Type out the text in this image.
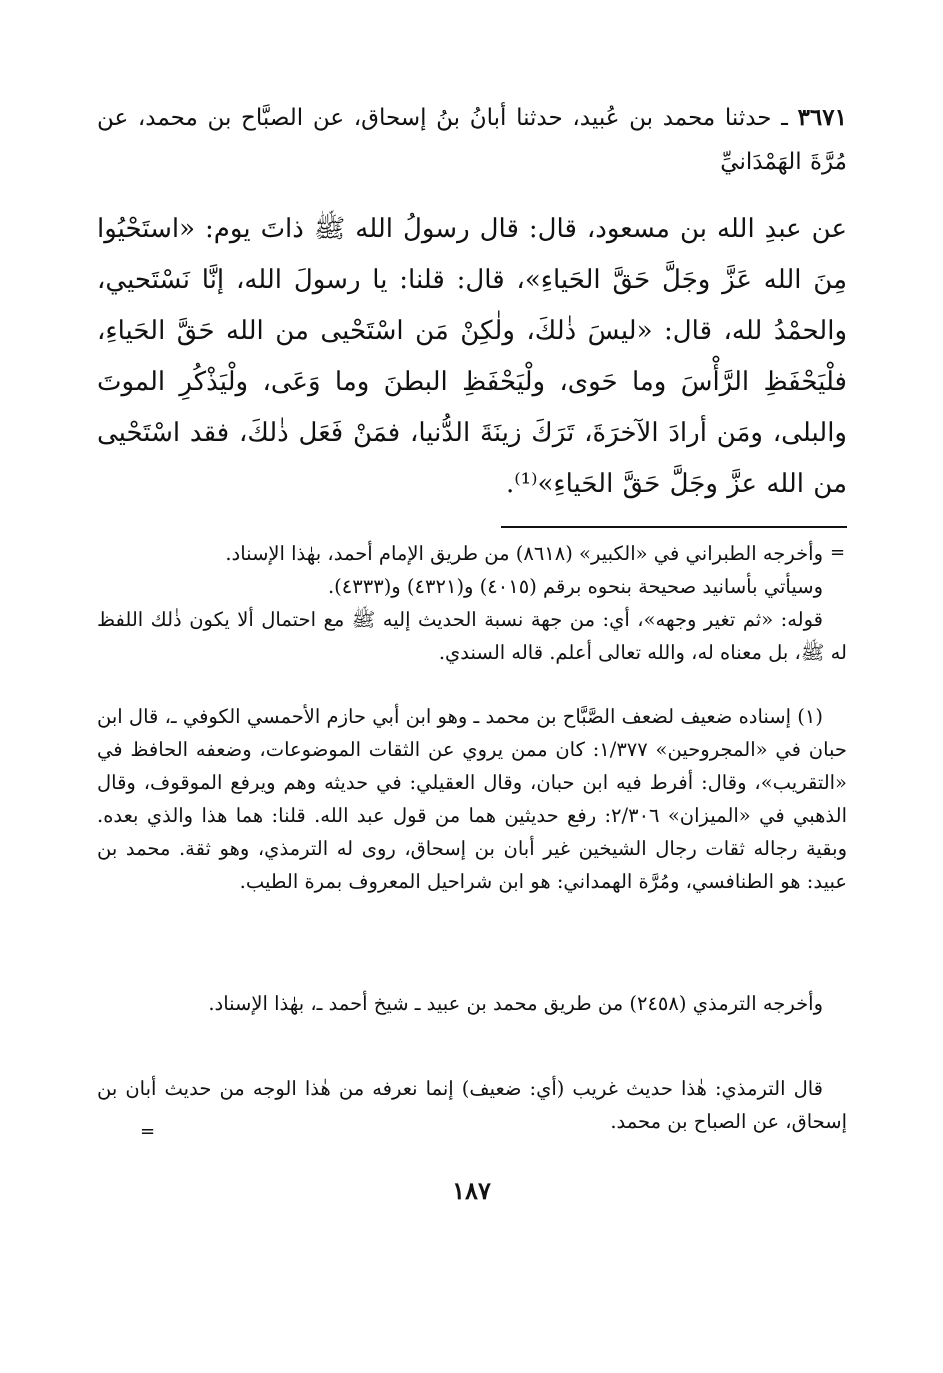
٣٦٧١ ـ حدثنا محمد بن عُبيد، حدثنا أبانُ بنُ إسحاق، عن الصبَّاح بن محمد، عن مُرَّةَ الهَمْدَانيِّ
عن عبدِ الله بن مسعود، قال: قال رسولُ الله ﷺ ذاتَ يوم: «استَحْيُوا مِنَ الله عَزَّ وجَلَّ حَقَّ الحَياءِ»، قال: قلنا: يا رسولَ الله، إنَّا نَسْتَحيي، والحمْدُ لله، قال: «ليسَ ذٰلكَ، ولٰكِنْ مَن اسْتَحْيى من الله حَقَّ الحَياءِ، فلْيَحْفَظِ الرَّأْسَ وما حَوى، ولْيَحْفَظِ البطنَ وما وَعَى، ولْيَذْكُرِ الموتَ والبلى، ومَن أرادَ الآخرَةَ، تَرَكَ زينَةَ الدُّنيا، فمَنْ فَعَل ذٰلكَ، فقد اسْتَحْيى من الله عزَّ وجَلَّ حَقَّ الحَياءِ»⁽¹⁾.
=

وأخرجه الطبراني في «الكبير» (٨٦١٨) من طريق الإمام أحمد، بهٰذا الإسناد.

وسيأتي بأسانيد صحيحة بنحوه برقم (٤٠١٥) و(٤٣٢١) و(٤٣٣٣).

قوله: «ثم تغير وجهه»، أي: من جهة نسبة الحديث إليه ﷺ مع احتمال ألا يكون ذٰلك اللفظ له ﷺ، بل معناه له، والله تعالى أعلم. قاله السندي.

(١) إسناده ضعيف لضعف الصَّبَّاح بن محمد ـ وهو ابن أبي حازم الأحمسي الكوفي ـ، قال ابن حبان في «المجروحين» ١/٣٧٧: كان ممن يروي عن الثقات الموضوعات، وضعفه الحافظ في «التقريب»، وقال: أفرط فيه ابن حبان، وقال العقيلي: في حديثه وهم ويرفع الموقوف، وقال الذهبي في «الميزان» ٢/٣٠٦: رفع حديثين هما من قول عبد الله. قلنا: هما هذا والذي بعده. وبقية رجاله ثقات رجال الشيخين غير أبان بن إسحاق، روى له الترمذي، وهو ثقة. محمد بن عبيد: هو الطنافسي، ومُرَّة الهمداني: هو ابن شراحيل المعروف بمرة الطيب.

وأخرجه الترمذي (٢٤٥٨) من طريق محمد بن عبيد ـ شيخ أحمد ـ، بهٰذا الإسناد.

قال الترمذي: هٰذا حديث غريب (أي: ضعيف) إنما نعرفه من هٰذا الوجه من حديث أبان بن إسحاق، عن الصباح بن محمد.

=
١٨٧
